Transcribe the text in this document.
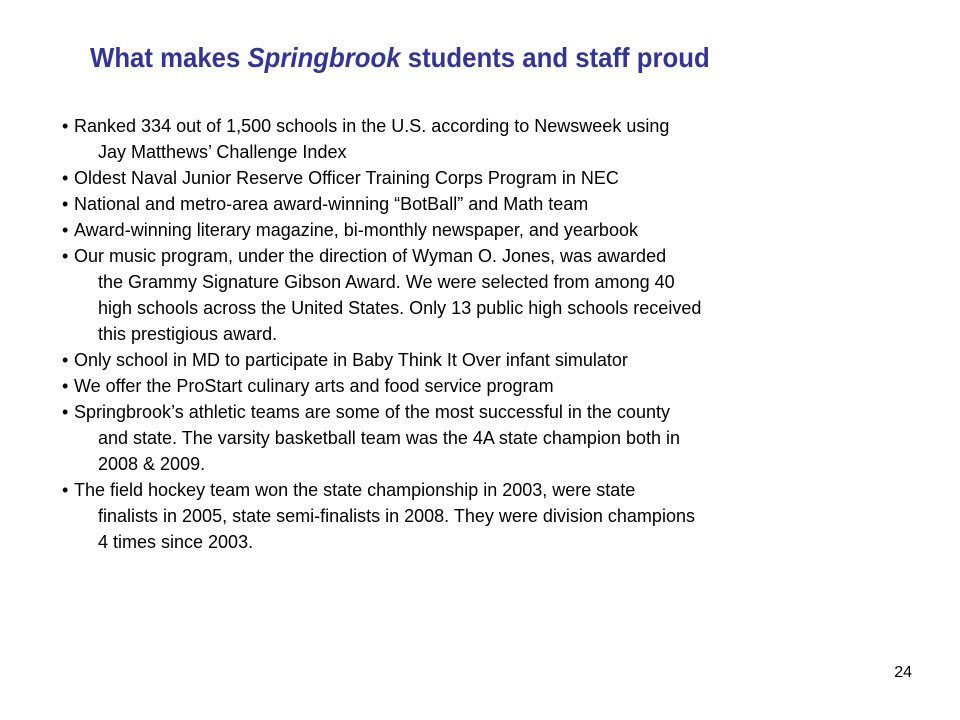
What makes Springbrook students and staff proud
• Ranked 334 out of 1,500 schools in the U.S. according to Newsweek using
Jay Matthews’ Challenge Index
• Oldest Naval Junior Reserve Officer Training Corps Program in NEC
• National and metro-area award-winning “BotBall” and Math team
• Award-winning literary magazine, bi-monthly newspaper, and yearbook
• Our music program, under the direction of Wyman O. Jones, was awarded
the Grammy Signature Gibson Award. We were selected from among 40
high schools across the United States. Only 13 public high schools received
this prestigious award.
• Only school in MD to participate in Baby Think It Over infant simulator
• We offer the ProStart culinary arts and food service program
• Springbrook’s athletic teams are some of the most successful in the county
and state. The varsity basketball team was the 4A state champion both in
2008 & 2009.
• The field hockey team won the state championship in 2003, were state
finalists in 2005, state semi-finalists in 2008. They were division champions
4 times since 2003.
24
